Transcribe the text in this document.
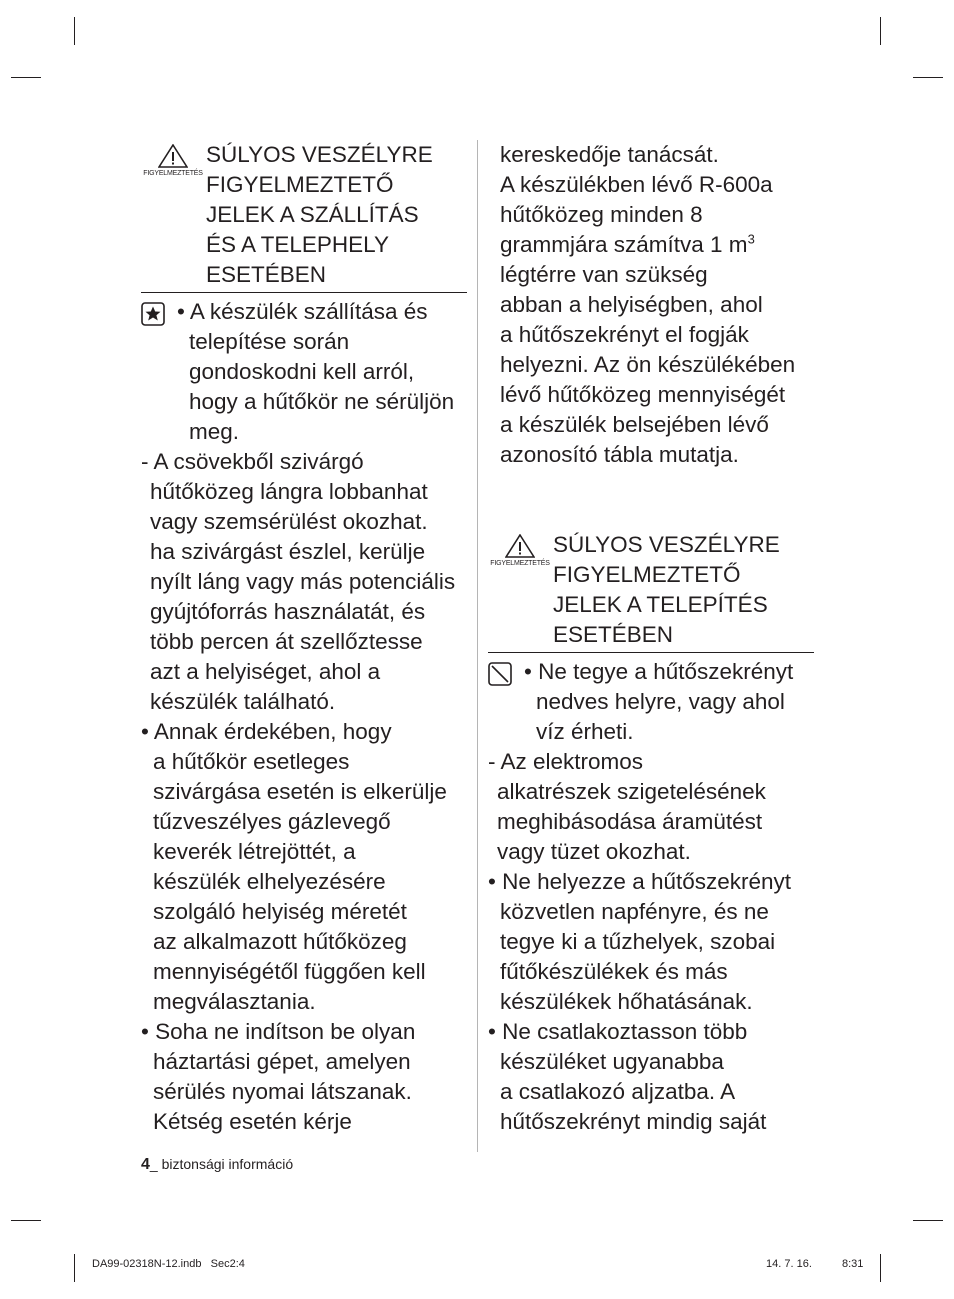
FIGYELMEZTETÉS
SÚLYOS VESZÉLYRE
FIGYELMEZTETŐ
JELEK A SZÁLLÍTÁS
ÉS A TELEPHELY
ESETÉBEN

• A készülék szállítása és

telepítése során

gondoskodni kell arról,

hogy a hűtőkör ne sérüljön

meg.

- A csövekből szivárgó

hűtőközeg lángra lobbanhat

vagy szemsérülést okozhat.

ha szivárgást észlel, kerülje

nyílt láng vagy más potenciális

gyújtóforrás használatát, és

több percen át szellőztesse

azt a helyiséget, ahol a

készülék található.

• Annak érdekében, hogy

a hűtőkör esetleges

szivárgása esetén is elkerülje

tűzveszélyes gázlevegő

keverék létrejöttét, a

készülék elhelyezésére

szolgáló helyiség méretét

az alkalmazott hűtőközeg

mennyiségétől függően kell

megválasztania.

• Soha ne indítson be olyan

háztartási gépet, amelyen

sérülés nyomai látszanak.

Kétség esetén kérje

kereskedője tanácsát.

A készülékben lévő R-600a

hűtőközeg minden 8

grammjára számítva 1 $m^3$

légtérre van szükség

abban a helyiségben, ahol

a hűtőszekrényt el fogják

helyezni. Az ön készülékében

lévő hűtőközeg mennyiségét

a készülék belsejében lévő

azonosító tábla mutatja.

FIGYELMEZTETÉS
SÚLYOS VESZÉLYRE
FIGYELMEZTETŐ
JELEK A TELEPÍTÉS
ESETÉBEN

• Ne tegye a hűtőszekrényt

nedves helyre, vagy ahol

víz érheti.

- Az elektromos

alkatrészek szigetelésének

meghibásodása áramütést

vagy tüzet okozhat.

• Ne helyezze a hűtőszekrényt

közvetlen napfényre, és ne

tegye ki a tűzhelyek, szobai

fűtőkészülékek és más

készülékek hőhatásának.

• Ne csatlakoztasson több

készüléket ugyanabba

a csatlakozó aljzatba. A

hűtőszekrényt mindig saját

4_ biztonsági információ
DA99-02318N-12.indb   Sec2:4	14. 7. 16.	8:31
